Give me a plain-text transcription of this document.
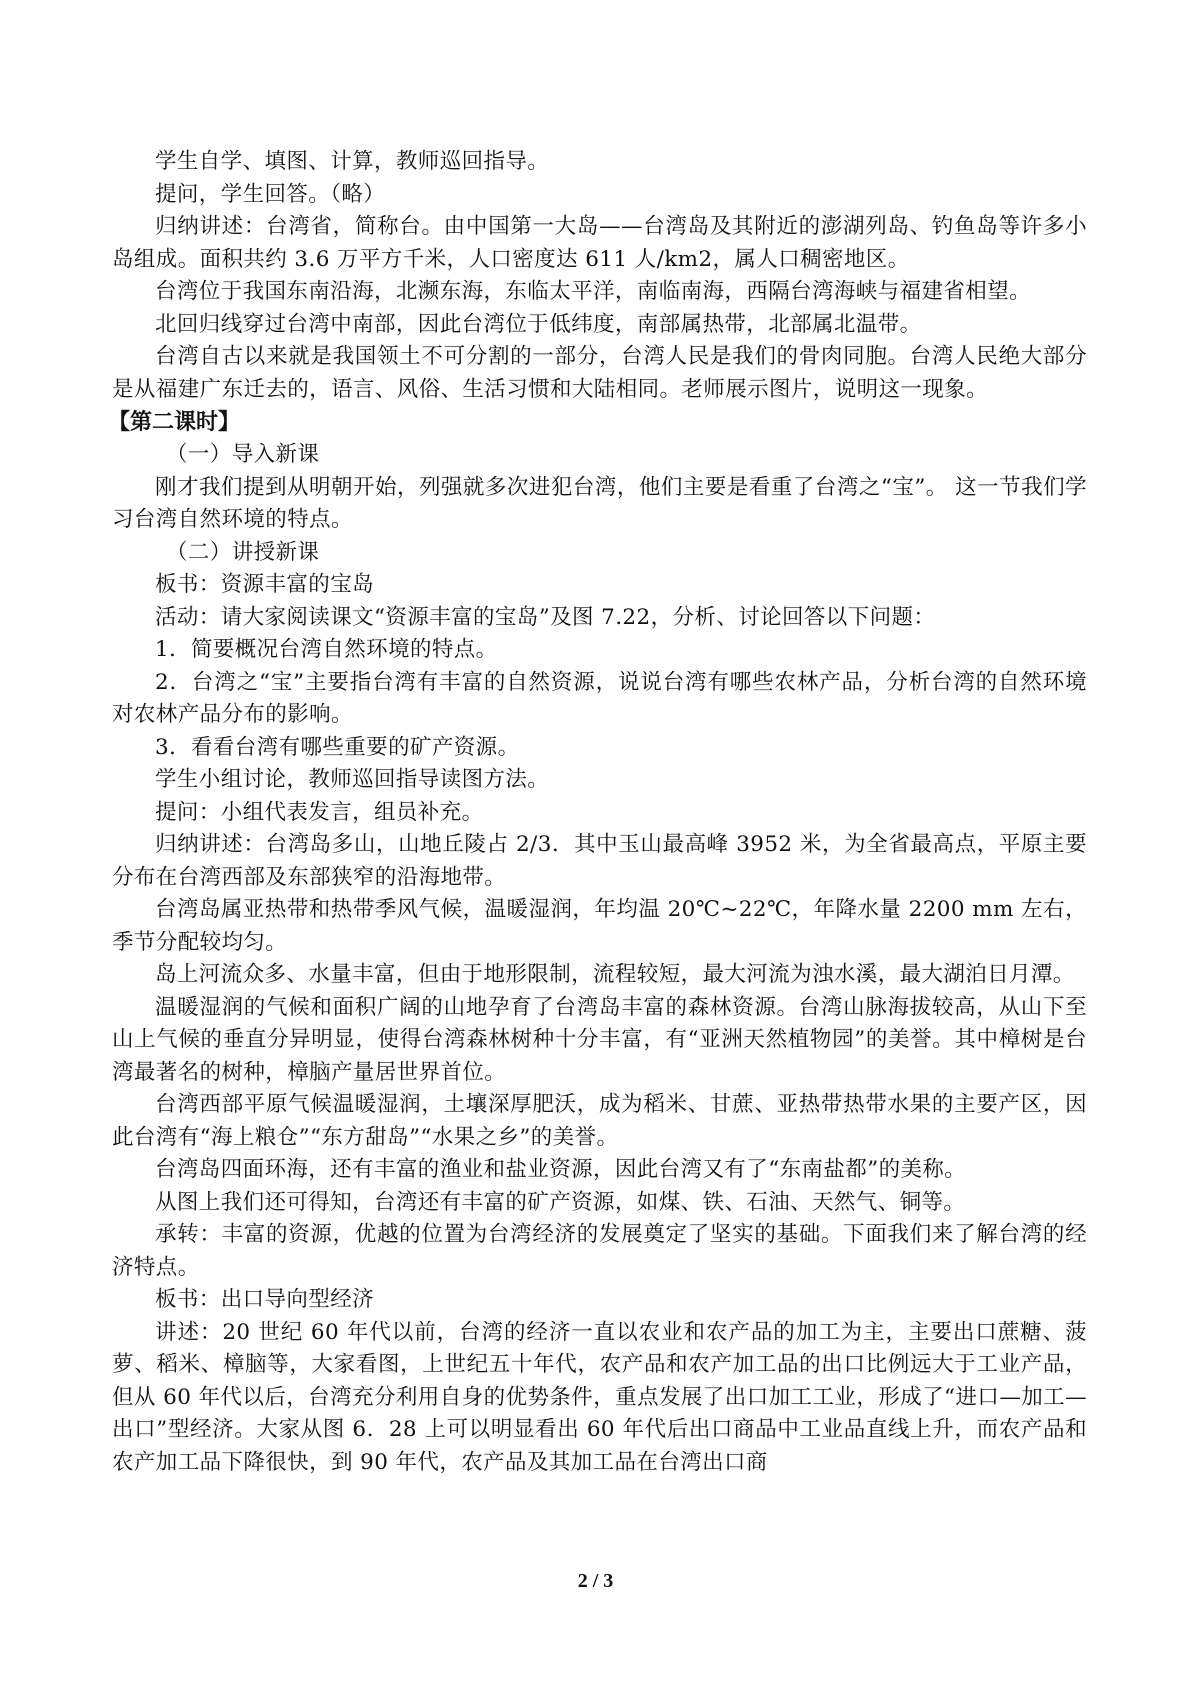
学生自学、填图、计算，教师巡回指导。

提问，学生回答。（略）

归纳讲述：台湾省，简称台。由中国第一大岛——台湾岛及其附近的澎湖列岛、钓鱼岛等许多小岛组成。面积共约 3.6 万平方千米，人口密度达 611 人/km2，属人口稠密地区。

台湾位于我国东南沿海，北濒东海，东临太平洋，南临南海，西隔台湾海峡与福建省相望。

北回归线穿过台湾中南部，因此台湾位于低纬度，南部属热带，北部属北温带。

台湾自古以来就是我国领土不可分割的一部分，台湾人民是我们的骨肉同胞。台湾人民绝大部分是从福建广东迁去的，语言、风俗、生活习惯和大陆相同。老师展示图片，说明这一现象。

【第二课时】

（一）导入新课

刚才我们提到从明朝开始，列强就多次进犯台湾，他们主要是看重了台湾之“宝”。 这一节我们学习台湾自然环境的特点。

（二）讲授新课

板书：资源丰富的宝岛

活动：请大家阅读课文“资源丰富的宝岛”及图 7.22，分析、讨论回答以下问题：

1．简要概况台湾自然环境的特点。

2．台湾之“宝”主要指台湾有丰富的自然资源，说说台湾有哪些农林产品，分析台湾的自然环境对农林产品分布的影响。

3．看看台湾有哪些重要的矿产资源。

学生小组讨论，教师巡回指导读图方法。

提问：小组代表发言，组员补充。

归纳讲述：台湾岛多山，山地丘陵占 2/3．其中玉山最高峰 3952 米，为全省最高点，平原主要分布在台湾西部及东部狭窄的沿海地带。

台湾岛属亚热带和热带季风气候，温暖湿润，年均温 20℃~22℃，年降水量 2200 mm 左右，季节分配较均匀。

岛上河流众多、水量丰富，但由于地形限制，流程较短，最大河流为浊水溪，最大湖泊日月潭。

温暖湿润的气候和面积广阔的山地孕育了台湾岛丰富的森林资源。台湾山脉海拔较高，从山下至山上气候的垂直分异明显，使得台湾森林树种十分丰富，有“亚洲天然植物园”的美誉。其中樟树是台湾最著名的树种，樟脑产量居世界首位。

台湾西部平原气候温暖湿润，土壤深厚肥沃，成为稻米、甘蔗、亚热带热带水果的主要产区，因此台湾有“海上粮仓”“东方甜岛”“水果之乡”的美誉。

台湾岛四面环海，还有丰富的渔业和盐业资源，因此台湾又有了“东南盐都”的美称。

从图上我们还可得知，台湾还有丰富的矿产资源，如煤、铁、石油、天然气、铜等。

承转：丰富的资源，优越的位置为台湾经济的发展奠定了坚实的基础。下面我们来了解台湾的经济特点。

板书：出口导向型经济

讲述：20 世纪 60 年代以前，台湾的经济一直以农业和农产品的加工为主，主要出口蔗糖、菠萝、稻米、樟脑等，大家看图，上世纪五十年代，农产品和农产加工品的出口比例远大于工业产品，但从 60 年代以后，台湾充分利用自身的优势条件，重点发展了出口加工工业，形成了“进口—加工—出口”型经济。大家从图 6．28 上可以明显看出 60 年代后出口商品中工业品直线上升，而农产品和农产加工品下降很快，到 90 年代，农产品及其加工品在台湾出口商

2 / 3
